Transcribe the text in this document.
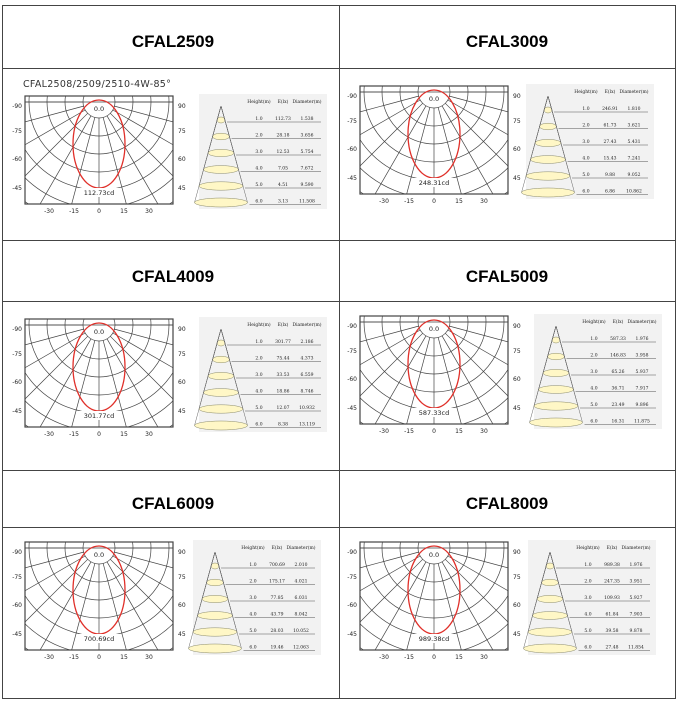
CFAL2509	CFAL3009
CFAL4009	CFAL5009
CFAL6009	CFAL8009
CFAL2508/2509/2510-4W-85°
0.0
112.73cd
-90
-75
-60
-45
90
75
60
45
-30	-15	0	15	30
Height(m) E(lx) Diameter(m)
1.0	112.73 1.538
2.0	28.18 3.656
3.0	12.53 5.754
4.0	7.05	7.672
5.0	4.51	9.590
6.0	3.13 11.508
0.0
248.31cd
-90
-75
-60
-45
90
75
60
45
-30	-15	0	15	30
Height(m) E(lx) Diameter(m)
1.0	246.91 1.810
2.0	61.73 3.621
3.0	27.43 5.431
4.0	15.43 7.241
5.0	9.88	9.052
6.0	6.86 10.862
0.0
301.77cd
-90
-75
-60
-45
90
75
60
45
-30	-15	0	15	30
Height(m) E(lx) Diameter(m)
1.0	301.77 2.186
2.0	75.44 4.373
3.0	33.53 6.559
4.0	18.86 8.746
5.0	12.07 10.932
6.0	8.38 13.119
0.0
587.33cd
-90
-75
-60
-45
90
75
60
45
-30	-15	0	15	30
Height(m) E(lx) Diameter(m)
1.0	587.33 1.976
2.0	146.83 3.958
3.0	65.26 5.937
4.0	36.71 7.917
5.0	23.49 9.896
6.0	16.31 11.875
0.0
700.69cd
-90
-75
-60
-45
90
75
60
45
-30	-15	0	15	30
Height(m) E(lx) Diameter(m)
1.0	700.69 2.010
2.0	175.17 4.021
3.0	77.85 6.031
4.0	43.79 8.042
5.0	28.03 10.052
6.0	19.46 12.063
0.0
989.38cd
-90
-75
-60
-45
90
75
60
45
-30	-15	0	15	30
Height(m) E(lx) Diameter(m)
1.0	989.38 1.976
2.0	247.35 3.951
3.0	109.93 5.927
4.0	61.84 7.903
5.0	39.58 9.878
6.0	27.48 11.854
